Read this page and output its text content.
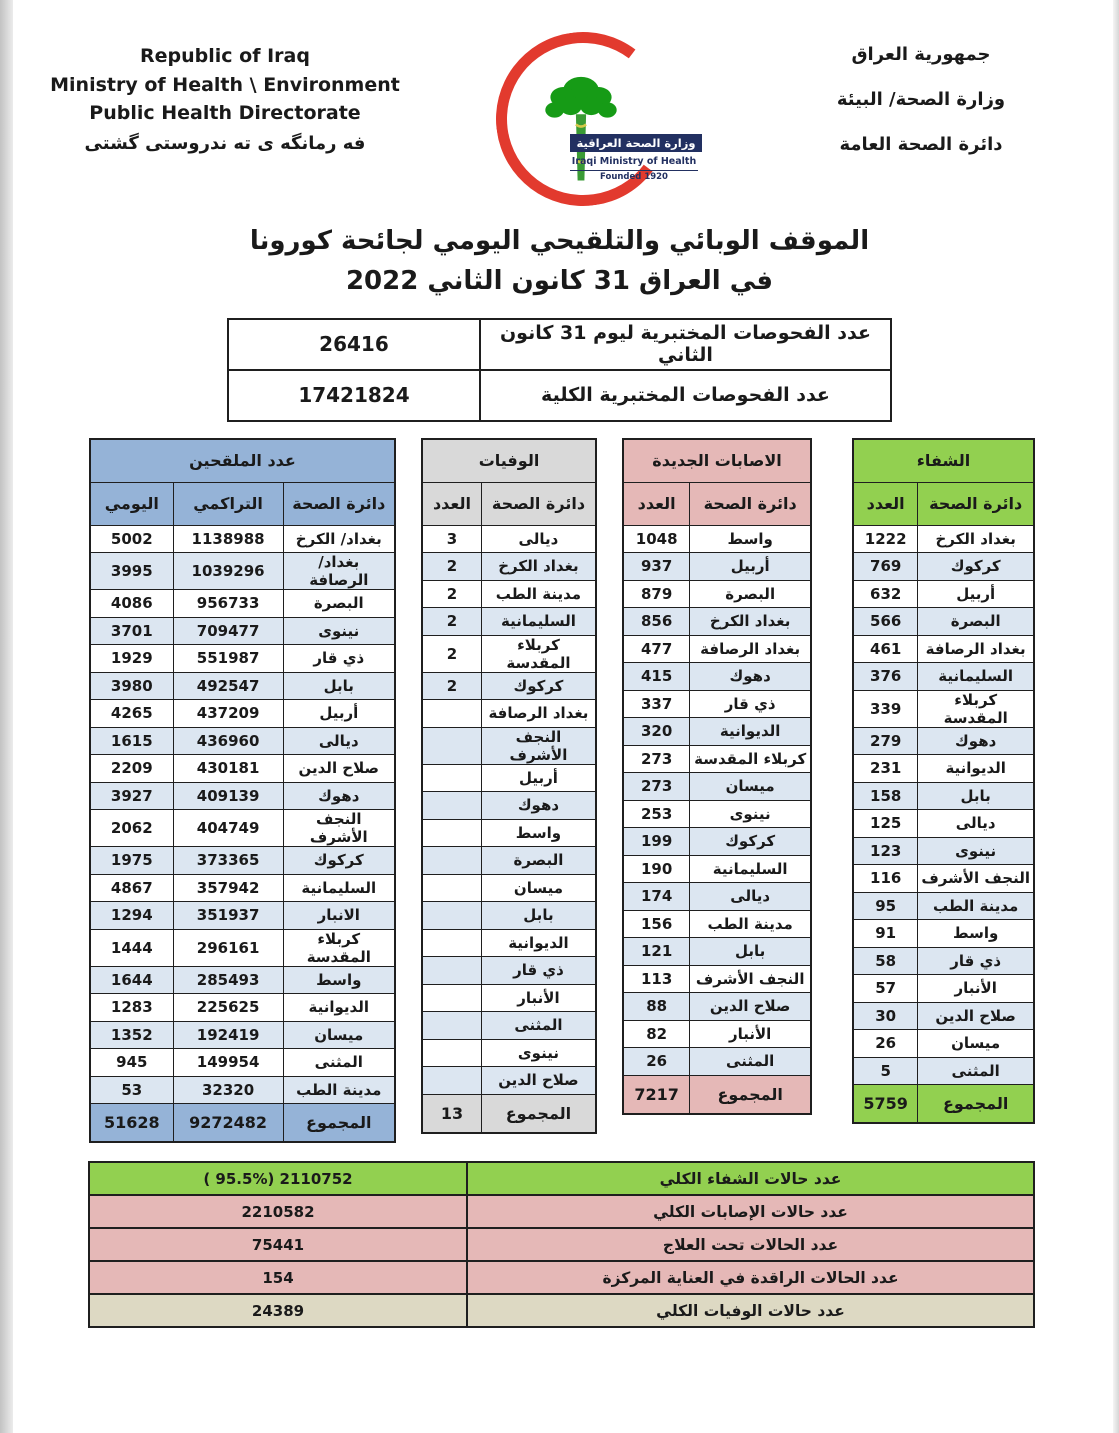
Republic of Iraq
Ministry of Health \ Environment
Public Health Directorate
فه رمانگه ی ته ندروستی گشتی	وزارة الصحة العراقية
Iraqi Ministry of Health
Founded 1920
جمهورية العراق
وزارة الصحة/ البيئة
دائرة الصحة العامة
الموقف الوبائي والتلقيحي اليومي لجائحة كورونا
في العراق 31 كانون الثاني 2022
عدد الفحوصات المختبرية ليوم 31 كانون الثاني	26416
عدد الفحوصات المختبرية الكلية	17421824
الشفاء	
دائرة الصحة	العدد
بغداد الكرخ	1222
كركوك	769
أربيل	632
البصرة	566
بغداد الرصافة	461
السليمانية	376
كربلاء المقدسة	339
دهوك	279
الديوانية	231
بابل	158
ديالى	125
نينوى	123
النجف الأشرف	116
مدينة الطب	95
واسط	91
ذي قار	58
الأنبار	57
صلاح الدين	30
ميسان	26
المثنى	5
المجموع	5759
الاصابات الجديدة	
دائرة الصحة	العدد
واسط	1048
أربيل	937
البصرة	879
بغداد الكرخ	856
بغداد الرصافة	477
دهوك	415
ذي قار	337
الديوانية	320
كربلاء المقدسة	273
ميسان	273
نينوى	253
كركوك	199
السليمانية	190
ديالى	174
مدينة الطب	156
بابل	121
النجف الأشرف	113
صلاح الدين	88
الأنبار	82
المثنى	26
المجموع	7217
الوفيات	
دائرة الصحة	العدد
ديالى	3
بغداد الكرخ	2
مدينة الطب	2
السليمانية	2
كربلاء المقدسة	2
كركوك	2
بغداد الرصافة	
النجف الأشرف	
أربيل	
دهوك	
واسط	
البصرة	
ميسان	
بابل	
الديوانية	
ذي قار	
الأنبار	
المثنى	
نينوى	
صلاح الدين	
المجموع	13
عدد الملقحين		
دائرة الصحة	التراكمي	اليومي
بغداد/ الكرخ	1138988	5002
بغداد/ الرصافة	1039296	3995
البصرة	956733	4086
نينوى	709477	3701
ذي قار	551987	1929
بابل	492547	3980
أربيل	437209	4265
ديالى	436960	1615
صلاح الدين	430181	2209
دهوك	409139	3927
النجف الأشرف	404749	2062
كركوك	373365	1975
السليمانية	357942	4867
الانبار	351937	1294
كربلاء المقدسة	296161	1444
واسط	285493	1644
الديوانية	225625	1283
ميسان	192419	1352
المثنى	149954	945
مدينة الطب	32320	53
المجموع	9272482	51628
عدد حالات الشفاء الكلي	( 95.5%) 2110752
عدد حالات الإصابات الكلي	2210582
عدد الحالات تحت العلاج	75441
عدد الحالات الراقدة في العناية المركزة	154
عدد حالات الوفيات الكلي	24389
